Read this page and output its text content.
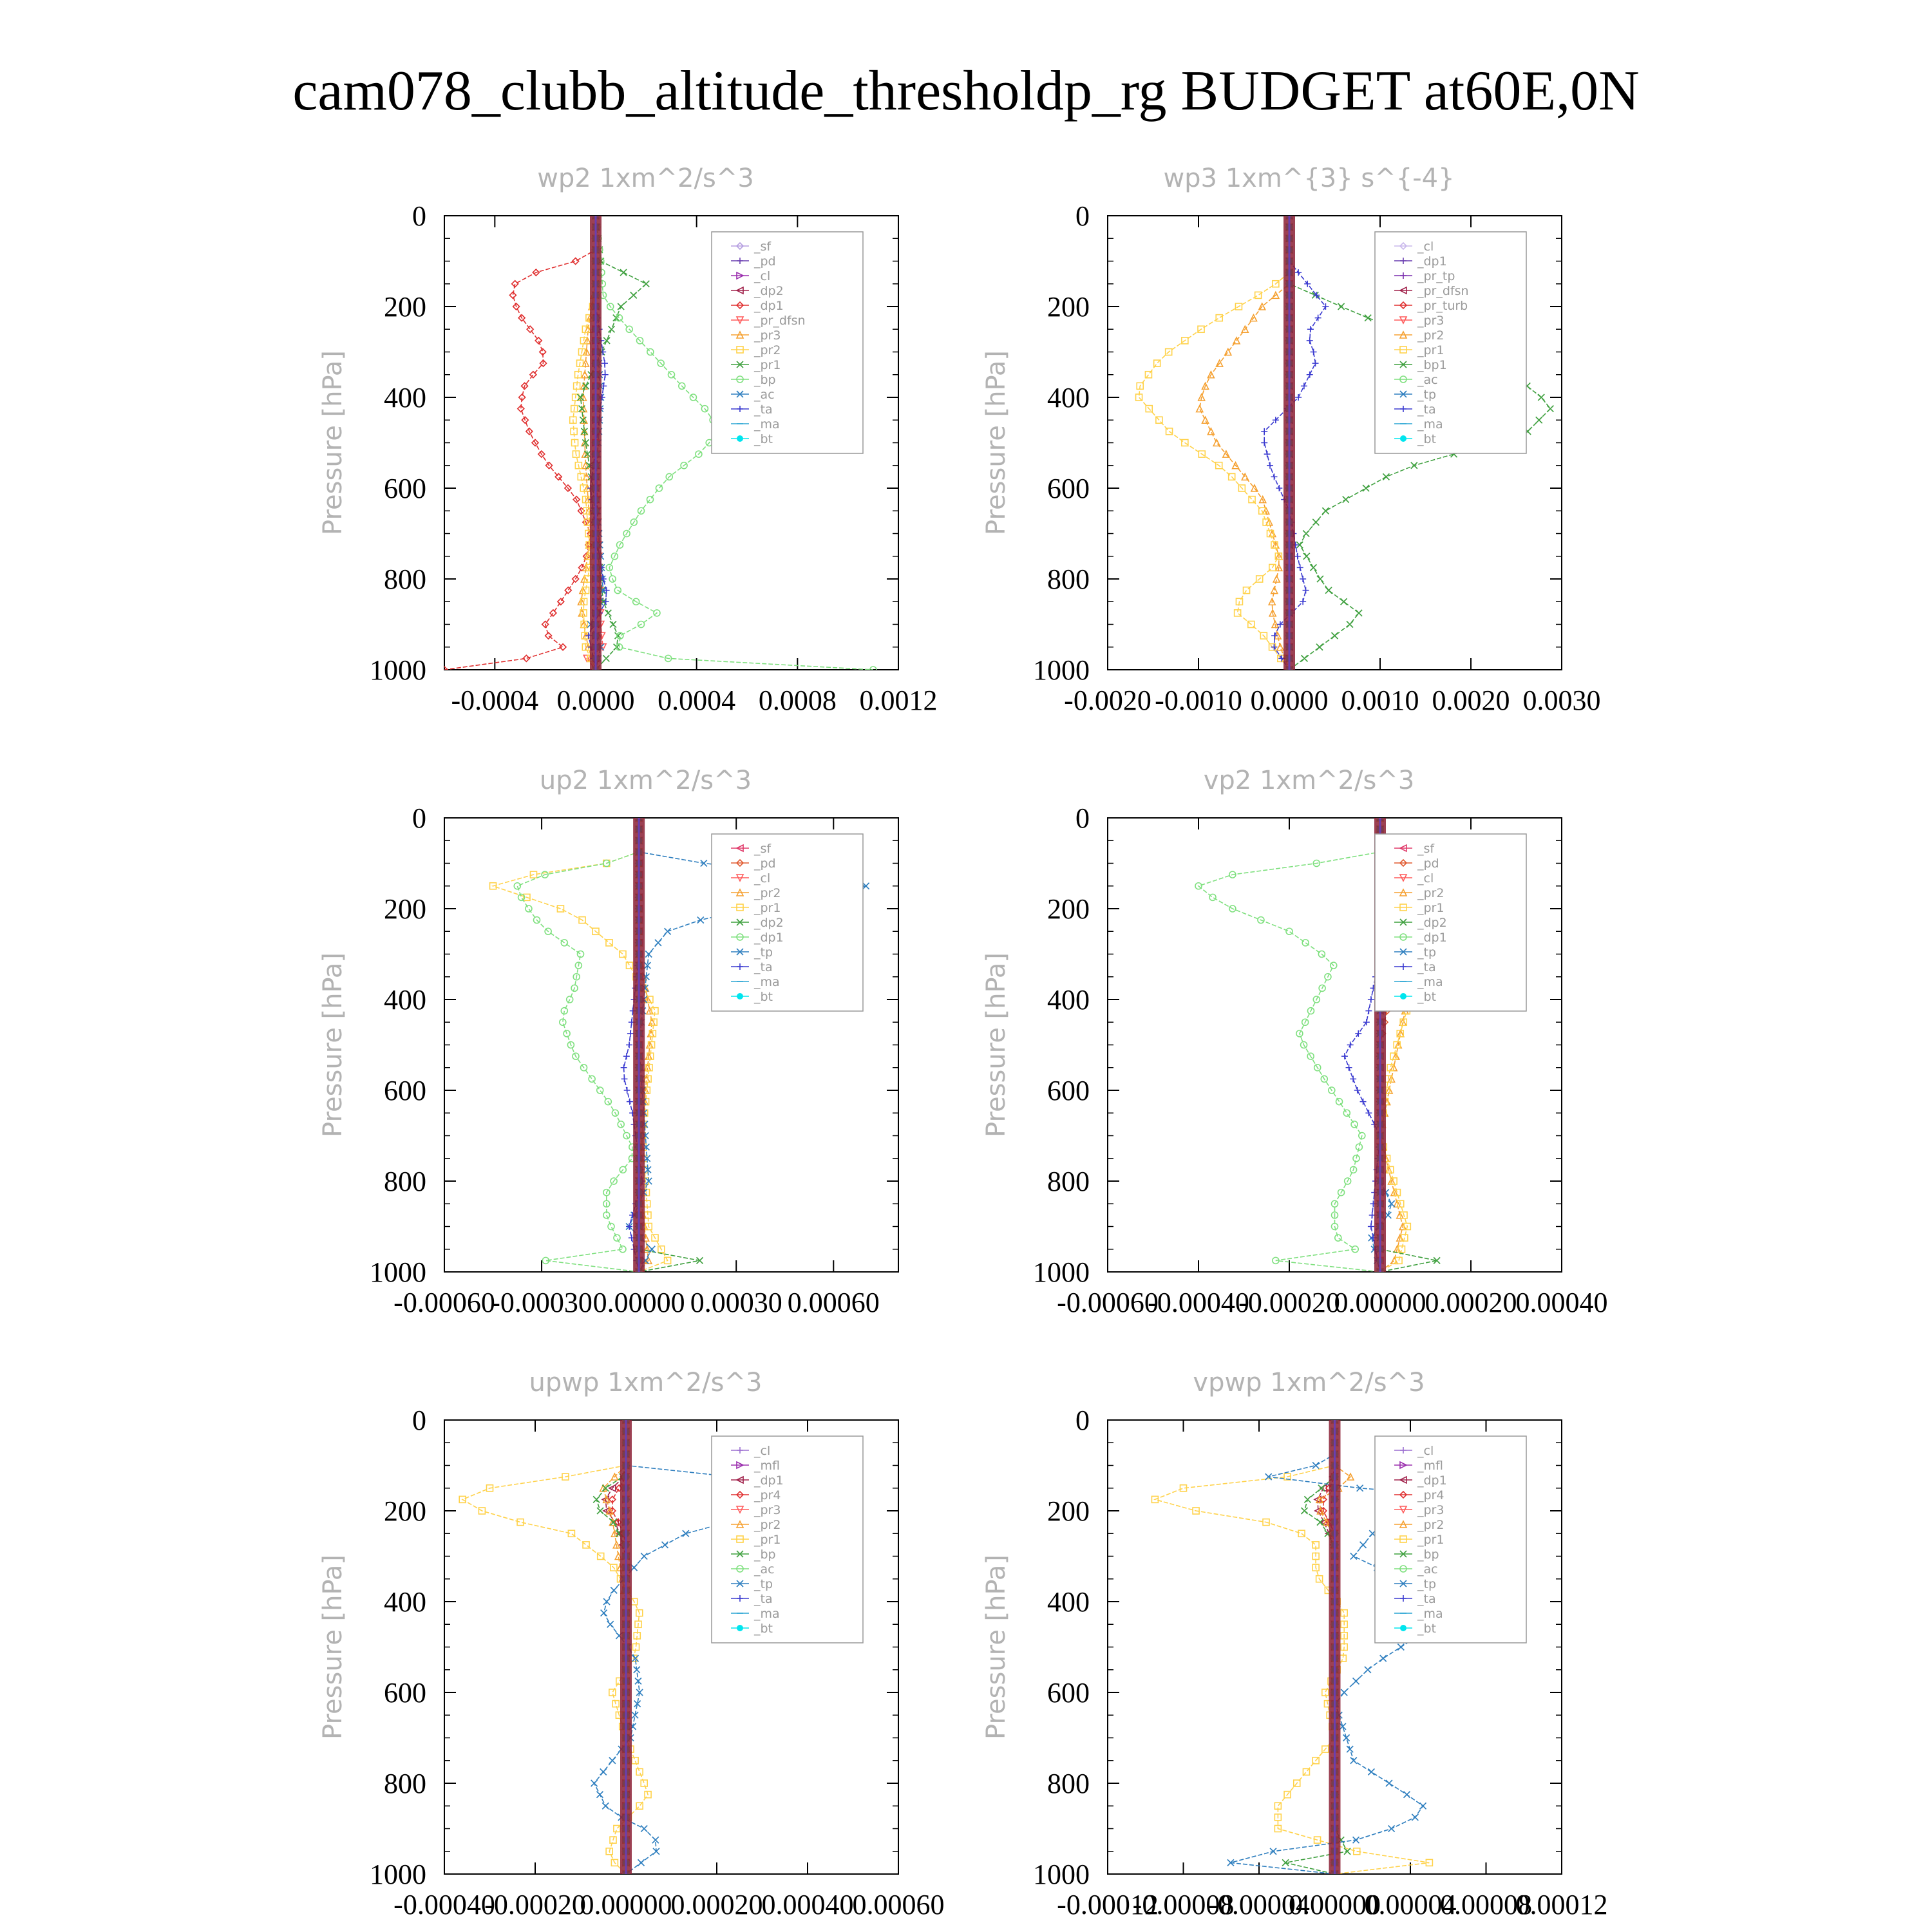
cam078_clubb_altitude_thresholdp_rg BUDGET at60E,0N
wp2 1xm^2/s^3
Pressure [hPa]
0
200
400
600
800
1000
-0.0004 0.0000 0.0004 0.0008 0.0012
_sf
_pd
_cl
_dp2
_dp1
_pr_dfsn
_pr3
_pr2
_pr1
_bp
_ac
_ta
_ma
_bt
wp3 1xm^{3} s^{-4}
Pressure [hPa]
0
200
400
600
800
1000
-0.0020 -0.0010 0.0000 0.0010 0.0020 0.0030
_cl
_dp1
_pr_tp
_pr_dfsn
_pr_turb
_pr3
_pr2
_pr1
_bp1
_ac
_tp
_ta
_ma
_bt
up2 1xm^2/s^3
Pressure [hPa]
0
200
400
600
800
1000
-0.00060
-0.00030 0.00000 0.00030 0.00060
_sf
_pd
_cl
_pr2
_pr1
_dp2
_dp1
_tp
_ta
_ma
_bt
vp2 1xm^2/s^3
Pressure [hPa]
0
200
400
600
800
1000
-0.00060
-0.00040
-0.00020
0.00000
0.00020
0.00040
_sf
_pd
_cl
_pr2
_pr1
_dp2
_dp1
_tp
_ta
_ma
_bt
upwp 1xm^2/s^3
Pressure [hPa]
0
200
400
600
800
1000
-0.00040
-0.00020
0.00000
0.00020
0.00040
0.00060
_cl
_mfl
_dp1
_pr4
_pr3
_pr2
_pr1
_bp
_ac
_tp
_ta
_ma
_bt
vpwp 1xm^2/s^3
Pressure [hPa]
0
200
400
600
800
1000
-0.00012
-0.00008
-0.00004
0.00000
0.00004
0.00008
0.00012
_cl
_mfl
_dp1
_pr4
_pr3
_pr2
_pr1
_bp
_ac
_tp
_ta
_ma
_bt
